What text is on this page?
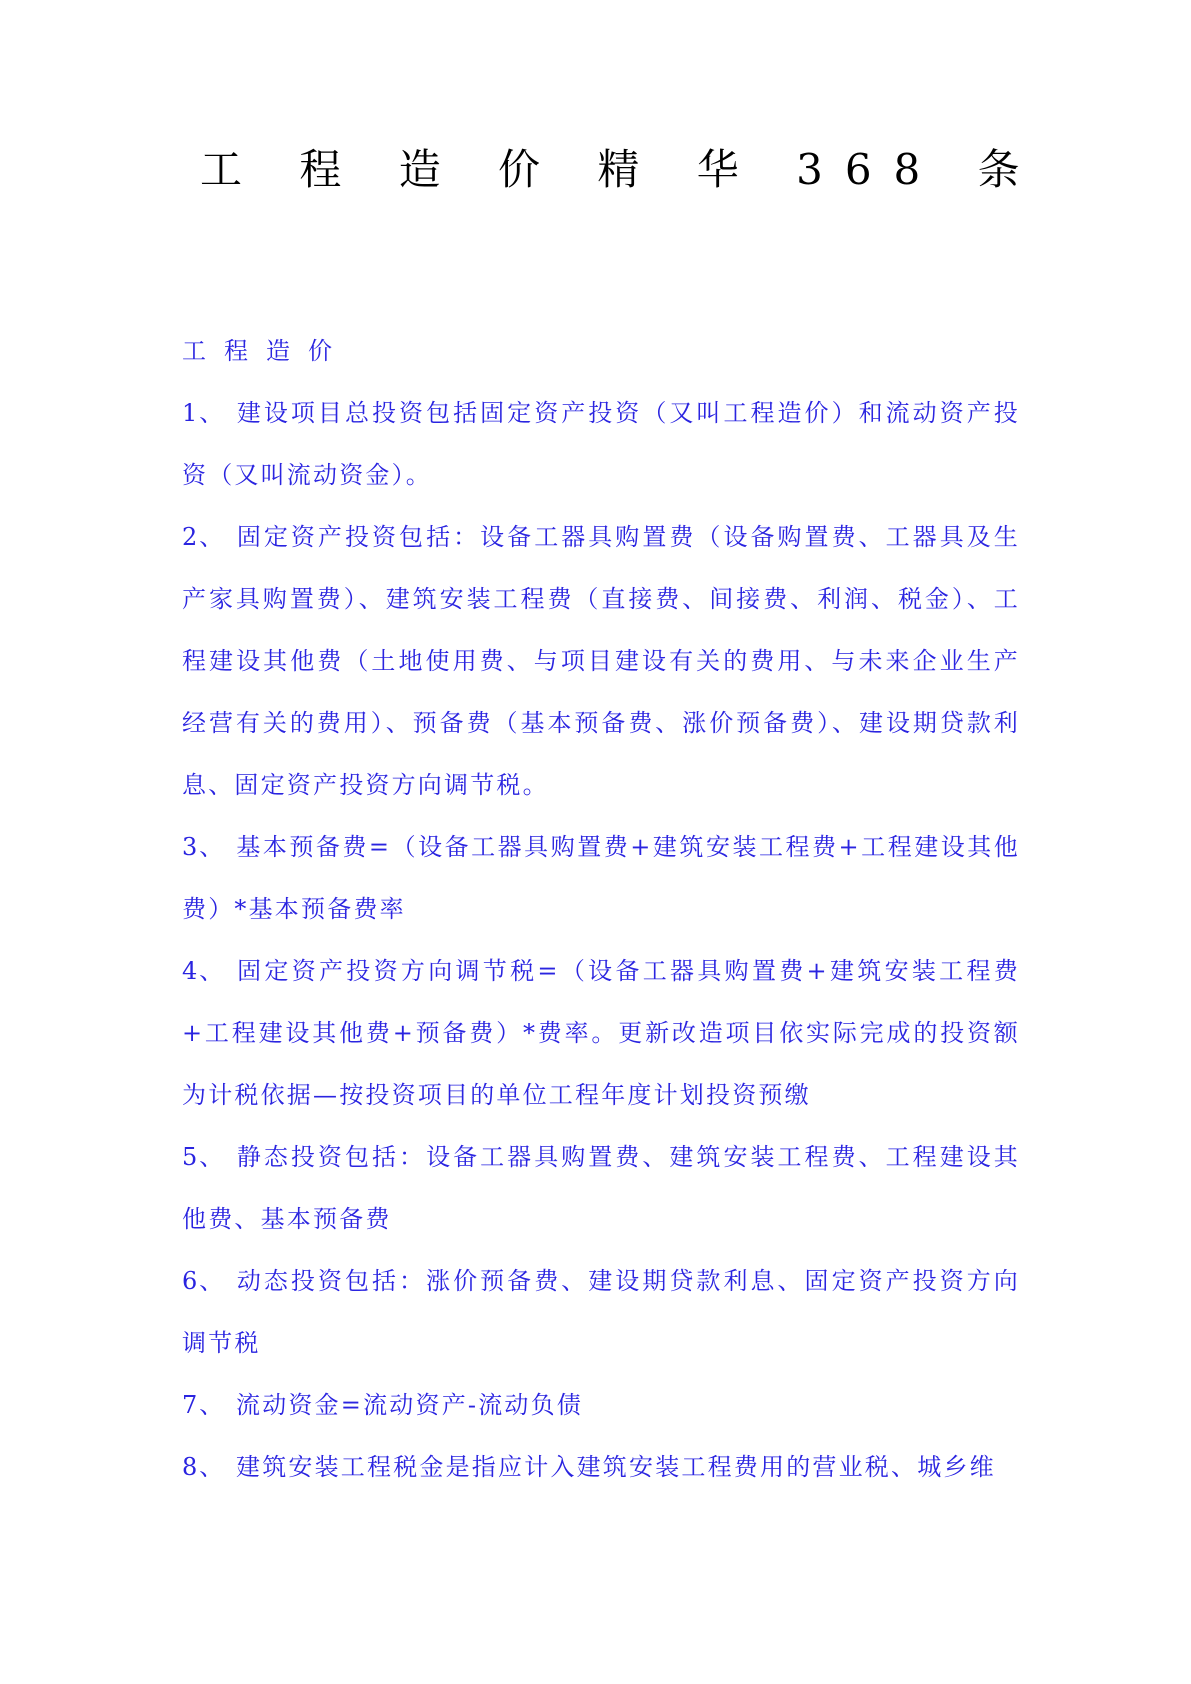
工 程 造 价 精 华 368 条

工程造价

1、 建设项目总投资包括固定资产投资（又叫工程造价）和流动资产投资（又叫流动资金）。

2、 固定资产投资包括：设备工器具购置费（设备购置费、工器具及生产家具购置费）、建筑安装工程费（直接费、间接费、利润、税金）、工程建设其他费（土地使用费、与项目建设有关的费用、与未来企业生产经营有关的费用）、预备费（基本预备费、涨价预备费）、建设期贷款利息、固定资产投资方向调节税。

3、 基本预备费=（设备工器具购置费+建筑安装工程费+工程建设其他费）*基本预备费率

4、 固定资产投资方向调节税=（设备工器具购置费+建筑安装工程费+工程建设其他费+预备费）*费率。更新改造项目依实际完成的投资额为计税依据—按投资项目的单位工程年度计划投资预缴

5、 静态投资包括：设备工器具购置费、建筑安装工程费、工程建设其他费、基本预备费

6、 动态投资包括：涨价预备费、建设期贷款利息、固定资产投资方向调节税

7、 流动资金=流动资产-流动负债

8、 建筑安装工程税金是指应计入建筑安装工程费用的营业税、城乡维
